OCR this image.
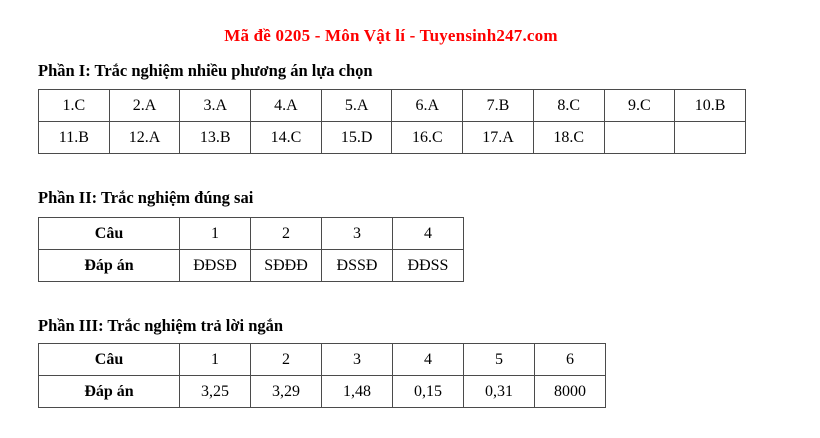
Mã đề 0205 - Môn Vật lí - Tuyensinh247.com
Phần I: Trắc nghiệm nhiều phương án lựa chọn
1.C	2.A	3.A	4.A	5.A	6.A	7.B	8.C	9.C	10.B
11.B	12.A	13.B	14.C	15.D	16.C	17.A	18.C		
Phần II: Trắc nghiệm đúng sai
Câu	1	2	3	4
Đáp án	ĐĐSĐ	SĐĐĐ	ĐSSĐ	ĐĐSS
Phần III: Trắc nghiệm trả lời ngắn
Câu	1	2	3	4	5	6
Đáp án	3,25	3,29	1,48	0,15	0,31	8000
